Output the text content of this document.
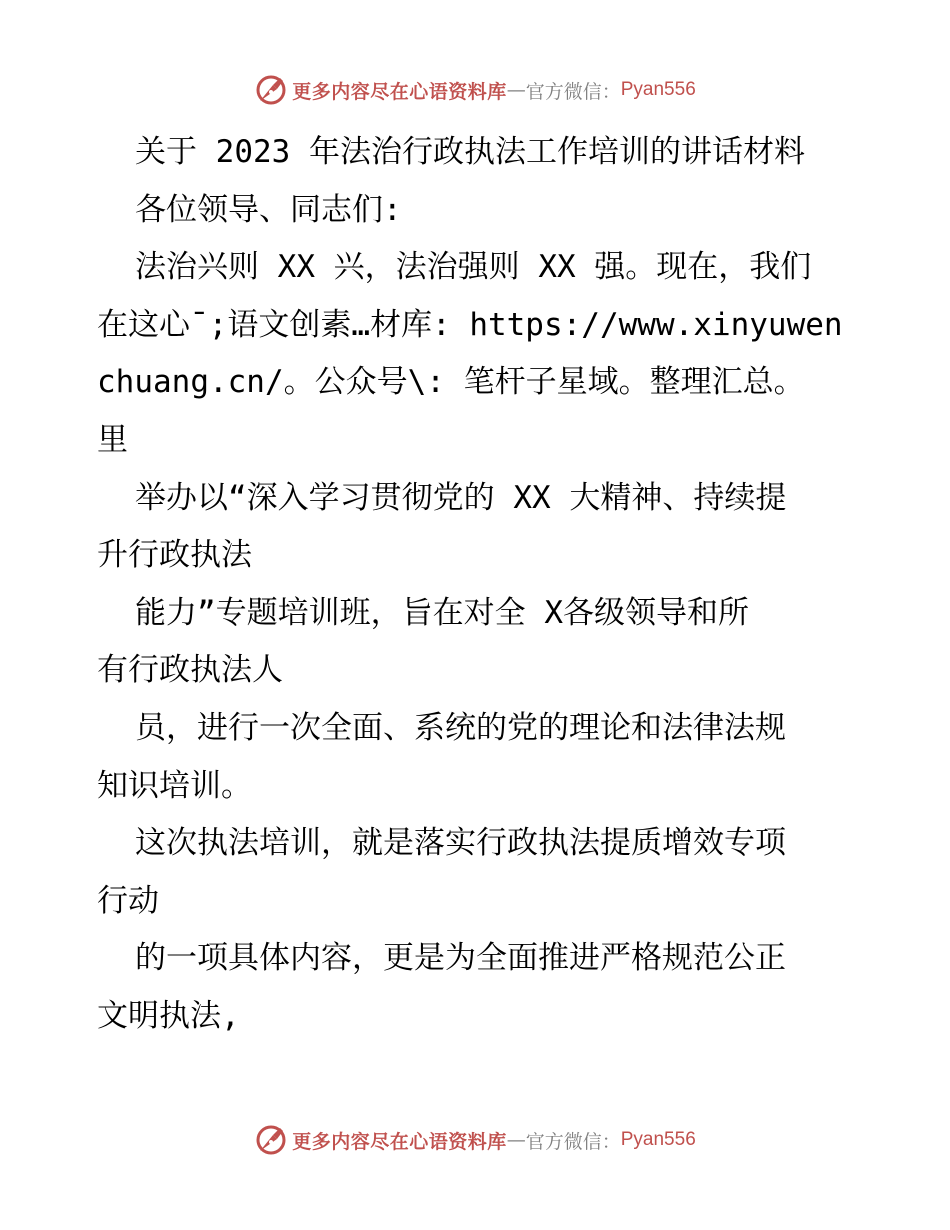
更多内容尽在心语资料库 — 官方微信： Pyan556
关于 2023 年法治行政执法工作培训的讲话材料
各位领导、同志们:
法治兴则 XX 兴，法治强则 XX 强。现在，我们
在这心¯;语文创素…材库: https://www.xinyuwen
chuang.cn/。公众号\: 笔杆子星域。整理汇总。
里
举办以“深入学习贯彻党的 XX 大精神、持续提
升行政执法
能力”专题培训班，旨在对全 X各级领导和所
有行政执法人
员，进行一次全面、系统的党的理论和法律法规
知识培训。
这次执法培训，就是落实行政执法提质增效专项
行动
的一项具体内容，更是为全面推进严格规范公正
文明执法,
更多内容尽在心语资料库 — 官方微信： Pyan556
